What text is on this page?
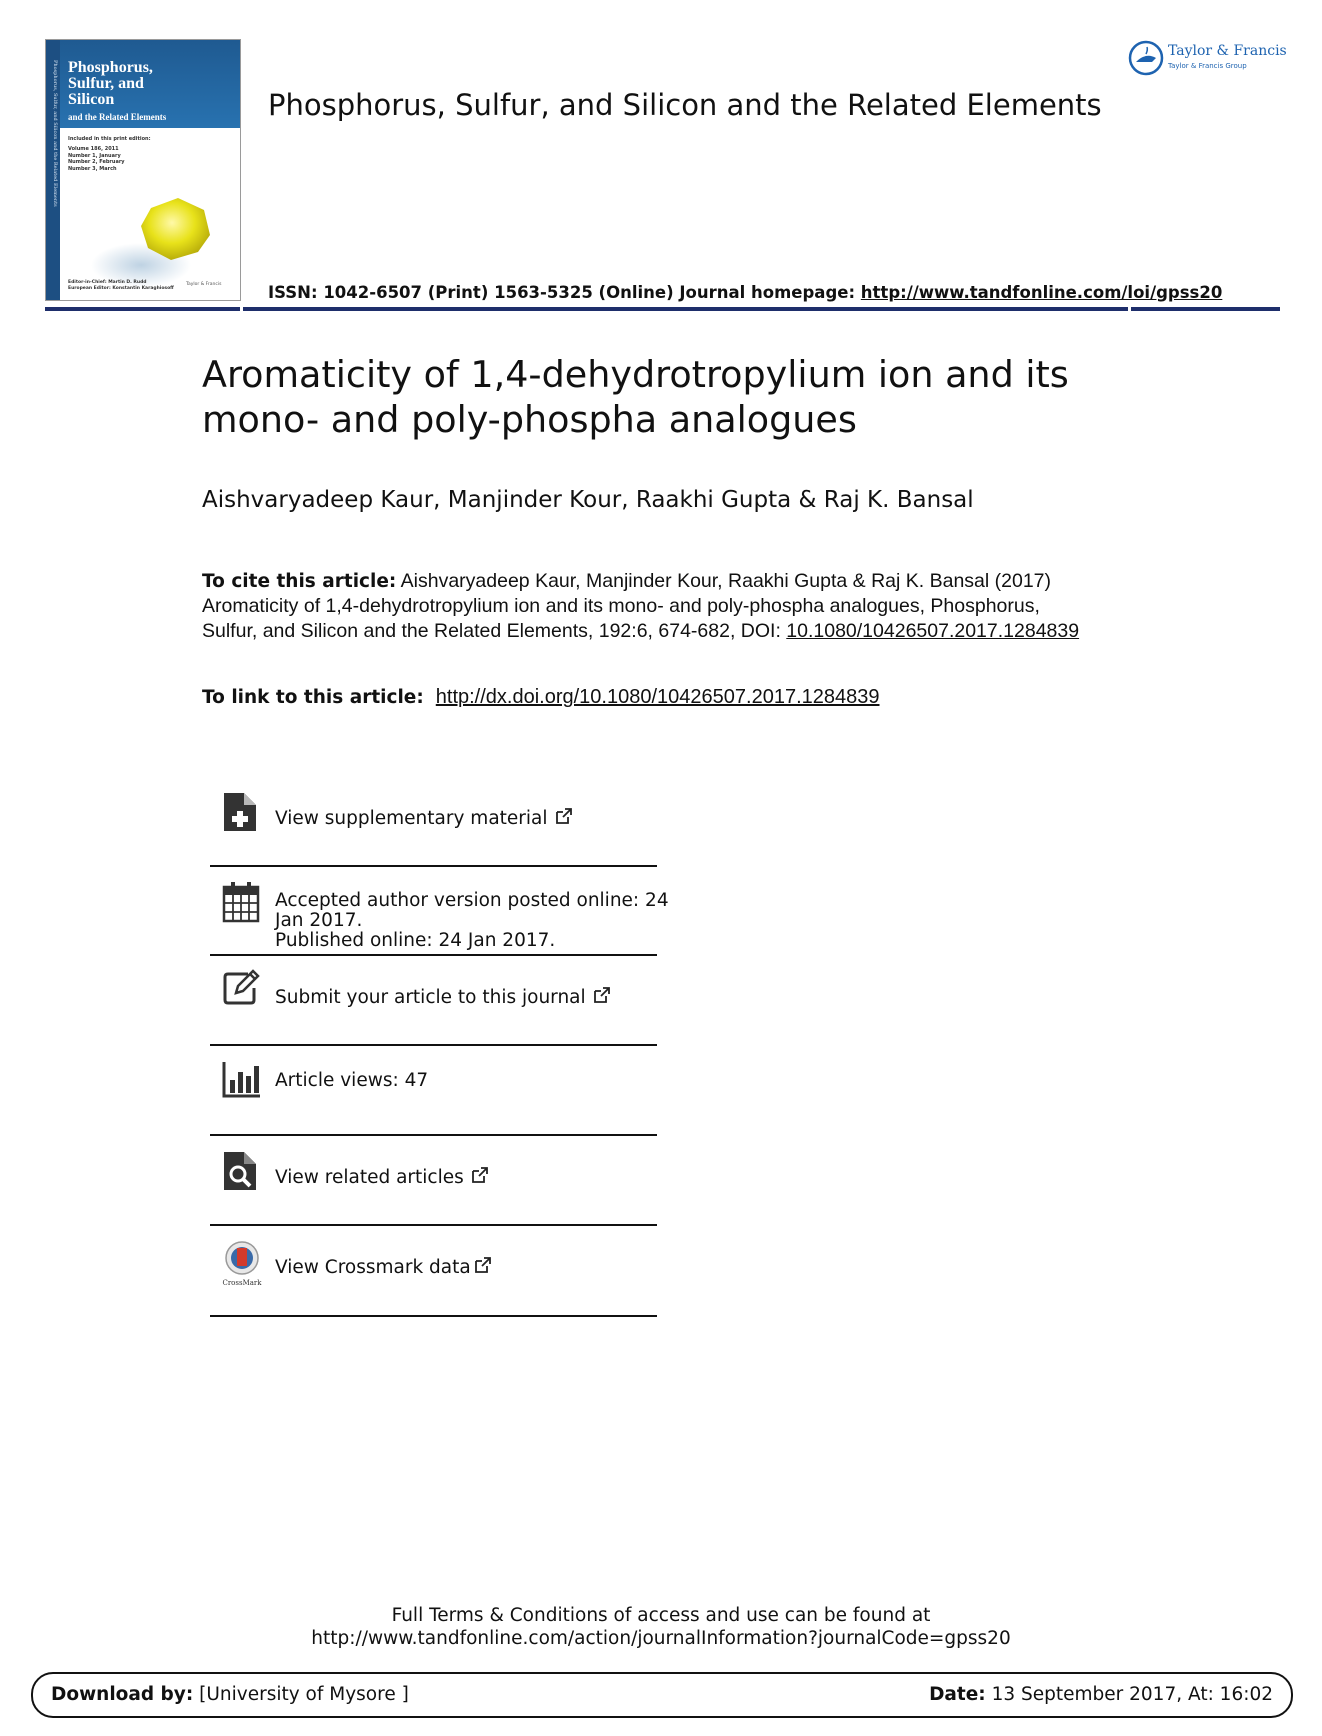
Phosphorus, Sulfur, and Silicon and the Related Elements Phosphorus,
Sulfur, and
Silicon
and the Related Elements
Included in this print edition:
Volume 186, 2011
Number 1, January
Number 2, February
Number 3, March
Editor-in-Chief: Martin D. Rudd
European Editor: Konstantin Karaghiosoff
Taylor & Francis
Taylor & Francis
Taylor & Francis Group
Phosphorus, Sulfur, and Silicon and the Related Elements
ISSN: 1042-6507 (Print) 1563-5325 (Online) Journal homepage: http://www.tandfonline.com/loi/gpss20
Aromaticity of 1,4-dehydrotropylium ion and its mono- and poly-phospha analogues
Aishvaryadeep Kaur, Manjinder Kour, Raakhi Gupta & Raj K. Bansal
To cite this article: Aishvaryadeep Kaur, Manjinder Kour, Raakhi Gupta & Raj K. Bansal (2017) Aromaticity of 1,4-dehydrotropylium ion and its mono- and poly-phospha analogues, Phosphorus, Sulfur, and Silicon and the Related Elements, 192:6, 674-682, DOI: 10.1080/10426507.2017.1284839
To link to this article: http://dx.doi.org/10.1080/10426507.2017.1284839
View supplementary material
Accepted author version posted online: 24
Jan 2017.
Published online: 24 Jan 2017.
Submit your article to this journal
Article views: 47
View related articles
CrossMark
View Crossmark data
Full Terms & Conditions of access and use can be found at
http://www.tandfonline.com/action/journalInformation?journalCode=gpss20
Download by: [University of Mysore ]	Date: 13 September 2017, At: 16:02
